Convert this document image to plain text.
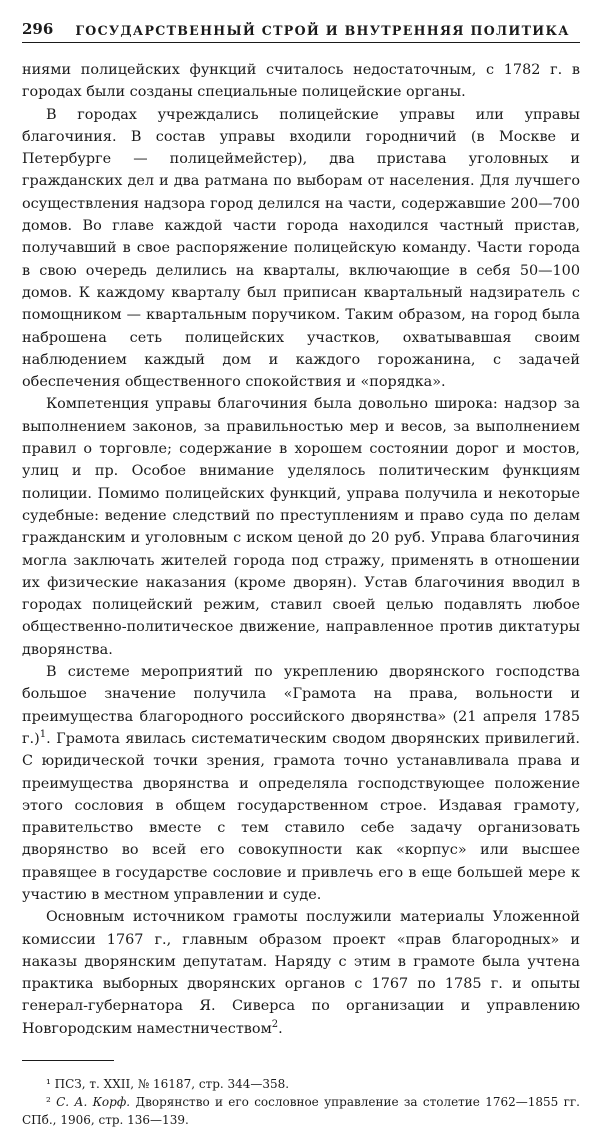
296 ГОСУДАРСТВЕННЫЙ СТРОЙ И ВНУТРЕННЯЯ ПОЛИТИКА

ниями полицейских функций считалось недостаточным, с 1782 г. в городах были созданы специальные полицейские органы.

В городах учреждались полицейские управы или управы благочиния. В состав управы входили городничий (в Москве и Петербурге — полицеймейстер), два пристава уголовных и гражданских дел и два ратмана по выборам от населения. Для лучшего осуществления надзора город делился на части, содержавшие 200—700 домов. Во главе каждой части города находился частный пристав, получавший в свое распоряжение полицейскую команду. Части города в свою очередь делились на кварталы, включающие в себя 50—100 домов. К каждому кварталу был приписан квартальный надзиратель с помощником — квартальным поручиком. Таким образом, на город была наброшена сеть полицейских участков, охватывавшая своим наблюдением каждый дом и каждого горожанина, с задачей обеспечения общественного спокойствия и «порядка».

Компетенция управы благочиния была довольно широка: надзор за выполнением законов, за правильностью мер и весов, за выполнением правил о торговле; содержание в хорошем состоянии дорог и мостов, улиц и пр. Особое внимание уделялось политическим функциям полиции. Помимо полицейских функций, управа получила и некоторые судебные: ведение следствий по преступлениям и право суда по делам гражданским и уголовным с иском ценой до 20 руб. Управа благочиния могла заключать жителей города под стражу, применять в отношении их физические наказания (кроме дворян). Устав благочиния вводил в городах полицейский режим, ставил своей целью подавлять любое общественно-политическое движение, направленное против диктатуры дворянства.

В системе мероприятий по укреплению дворянского господства большое значение получила «Грамота на права, вольности и преимущества благородного российского дворянства» (21 апреля 1785 г.)$^1$. Грамота явилась систематическим сводом дворянских привилегий. С юридической точки зрения, грамота точно устанавливала права и преимущества дворянства и определяла господствующее положение этого сословия в общем государственном строе. Издавая грамоту, правительство вместе с тем ставило себе задачу организовать дворянство во всей его совокупности как «корпус» или высшее правящее в государстве сословие и привлечь его в еще большей мере к участию в местном управлении и суде.

Основным источником грамоты послужили материалы Уложенной комиссии 1767 г., главным образом проект «прав благородных» и наказы дворянским депутатам. Наряду с этим в грамоте была учтена практика выборных дворянских органов с 1767 по 1785 г. и опыты генерал-губернатора Я. Сиверса по организации и управлению Новгородским наместничеством$^2$.

¹ ПСЗ, т. XXII, № 16187, стр. 344—358.
² С. А. Корф. Дворянство и его сословное управление за столетие 1762—1855 гг. СПб., 1906, стр. 136—139.
